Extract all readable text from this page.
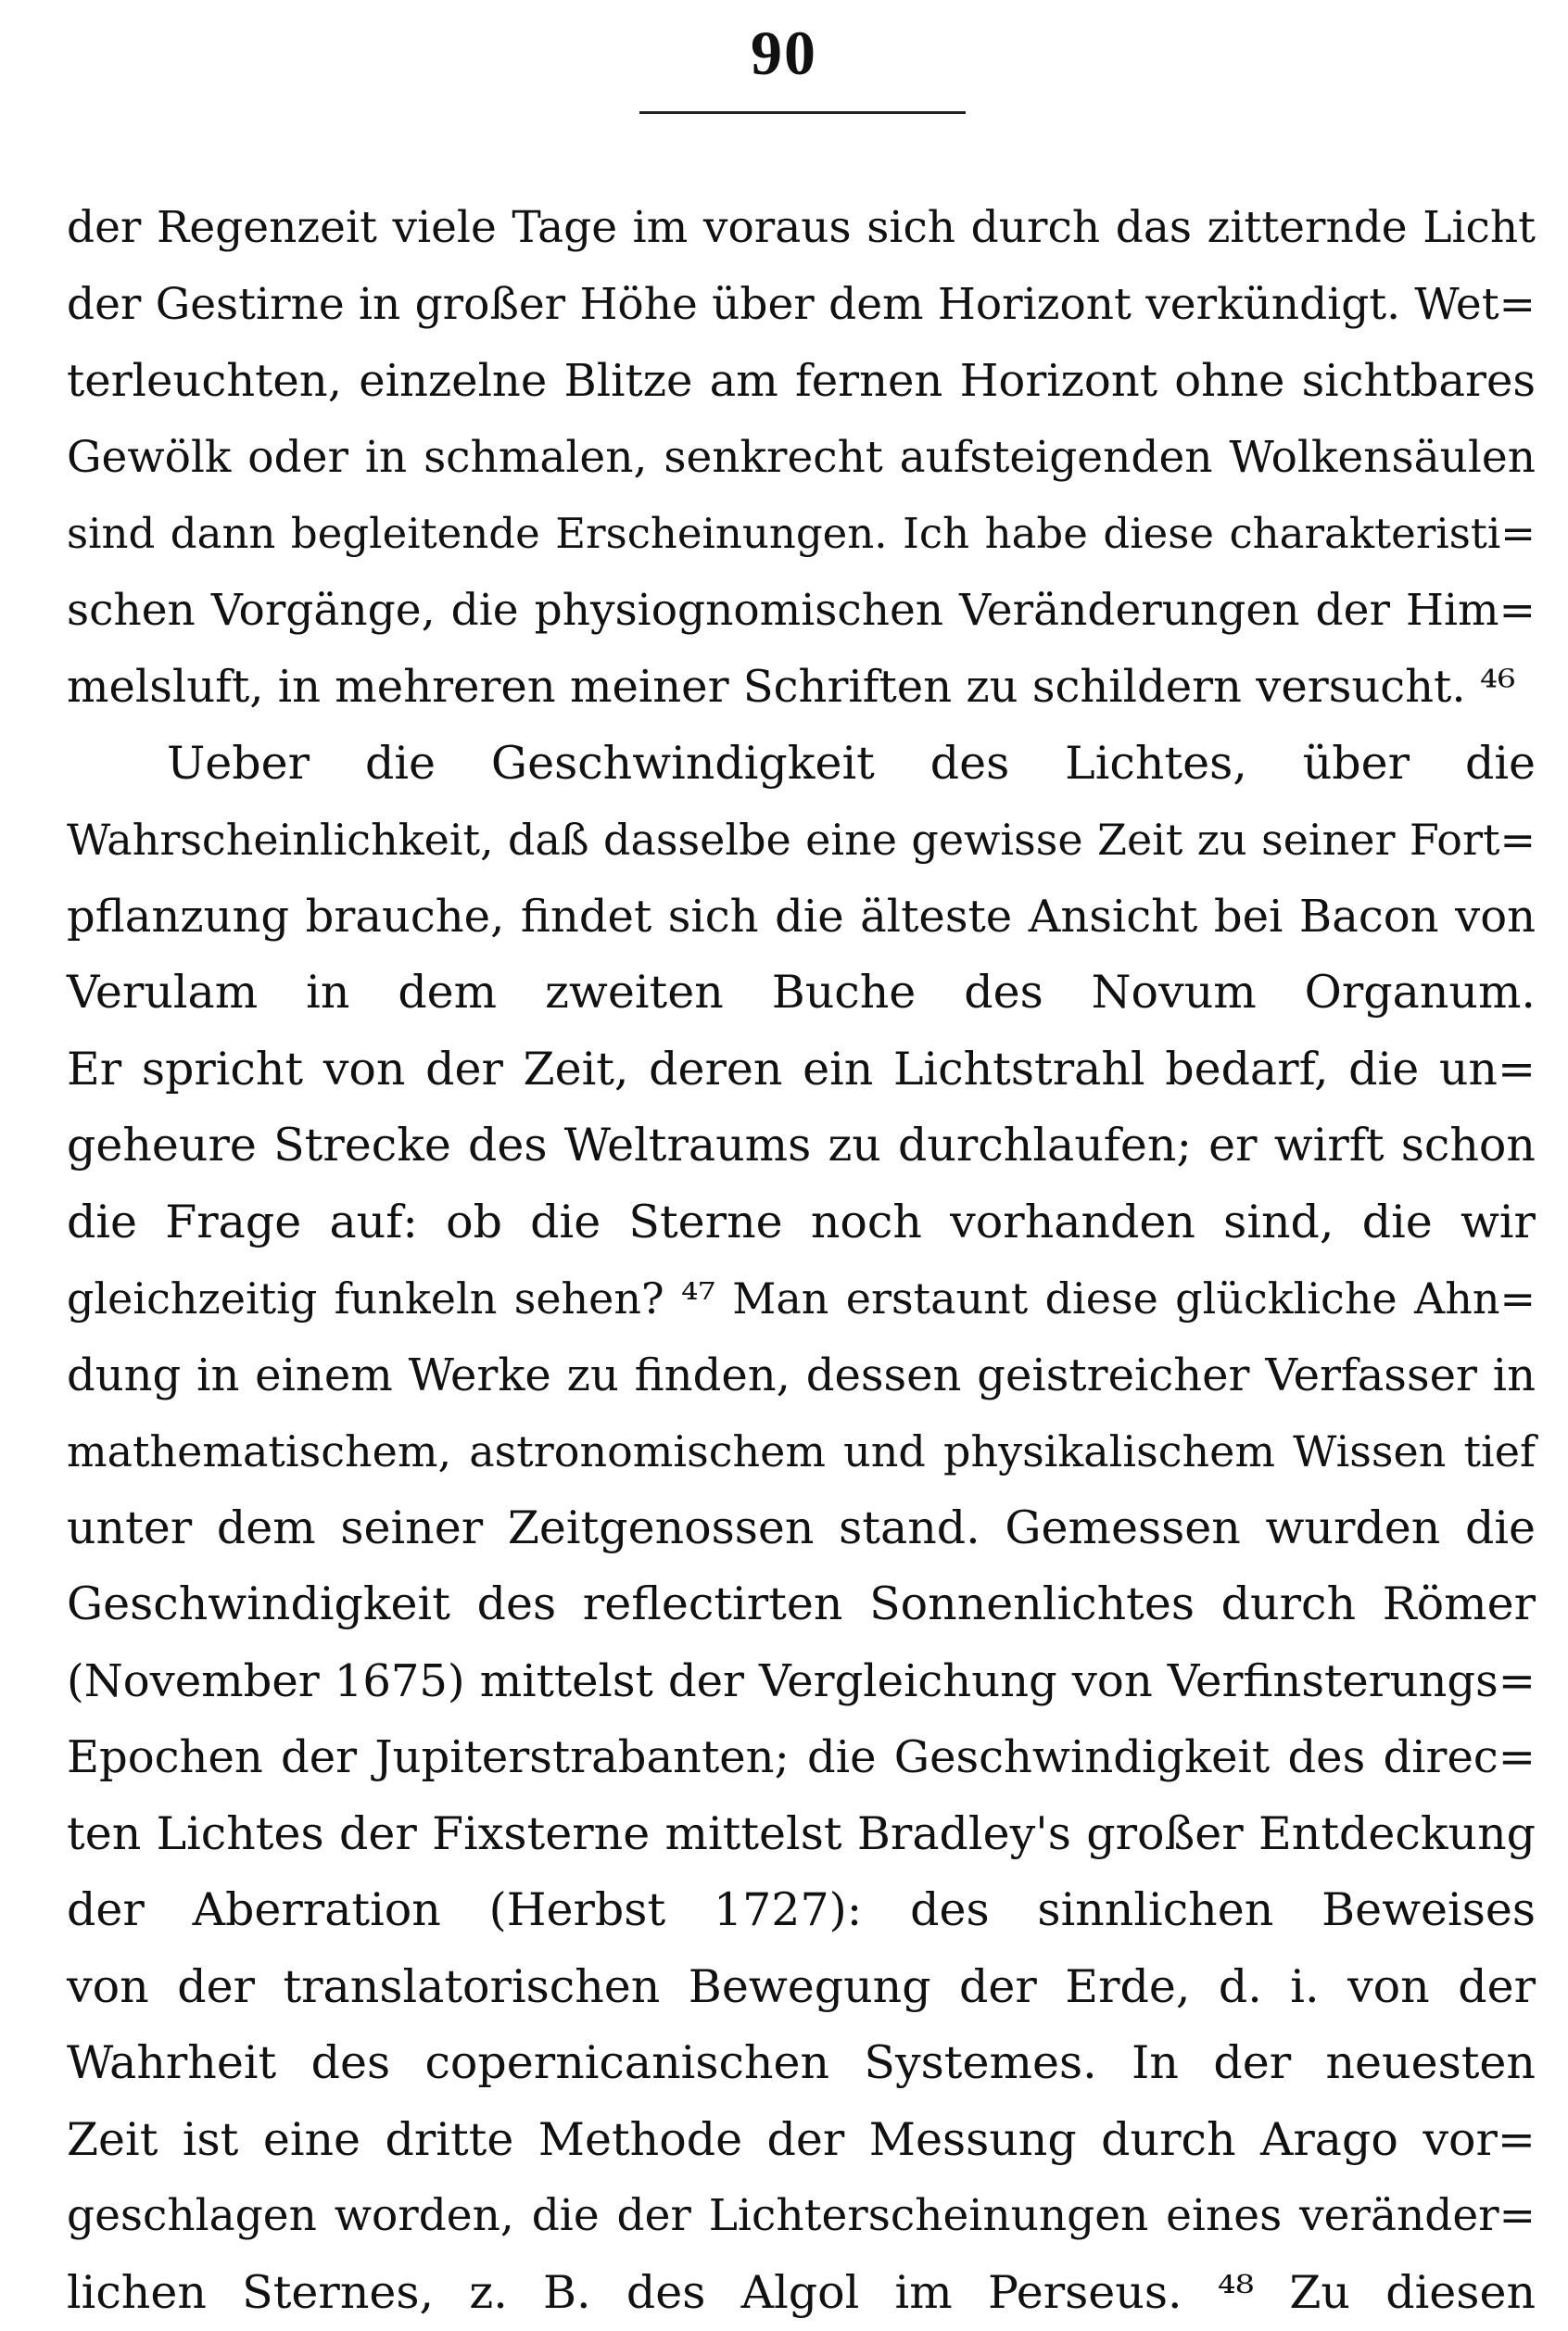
90
der Regenzeit viele Tage im voraus sich durch das zitternde Licht
der Gestirne in großer Höhe über dem Horizont verkündigt. Wet=
terleuchten, einzelne Blitze am fernen Horizont ohne sichtbares
Gewölk oder in schmalen, senkrecht aufsteigenden Wolkensäulen
sind dann begleitende Erscheinungen. Ich habe diese charakteristi=
schen Vorgänge, die physiognomischen Veränderungen der Him=
melsluft, in mehreren meiner Schriften zu schildern versucht. ⁴⁶
Ueber die Geschwindigkeit des Lichtes, über die
Wahrscheinlichkeit, daß dasselbe eine gewisse Zeit zu seiner Fort=
pflanzung brauche, findet sich die älteste Ansicht bei Bacon von
Verulam in dem zweiten Buche des Novum Organum.
Er spricht von der Zeit, deren ein Lichtstrahl bedarf, die un=
geheure Strecke des Weltraums zu durchlaufen; er wirft schon
die Frage auf: ob die Sterne noch vorhanden sind, die wir
gleichzeitig funkeln sehen? ⁴⁷ Man erstaunt diese glückliche Ahn=
dung in einem Werke zu finden, dessen geistreicher Verfasser in
mathematischem, astronomischem und physikalischem Wissen tief
unter dem seiner Zeitgenossen stand. Gemessen wurden die
Geschwindigkeit des reflectirten Sonnenlichtes durch Römer
(November 1675) mittelst der Vergleichung von Verfinsterungs=
Epochen der Jupiterstrabanten; die Geschwindigkeit des direc=
ten Lichtes der Fixsterne mittelst Bradley's großer Entdeckung
der Aberration (Herbst 1727): des sinnlichen Beweises
von der translatorischen Bewegung der Erde, d. i. von der
Wahrheit des copernicanischen Systemes. In der neuesten
Zeit ist eine dritte Methode der Messung durch Arago vor=
geschlagen worden, die der Lichterscheinungen eines veränder=
lichen Sternes, z. B. des Algol im Perseus. ⁴⁸ Zu diesen
